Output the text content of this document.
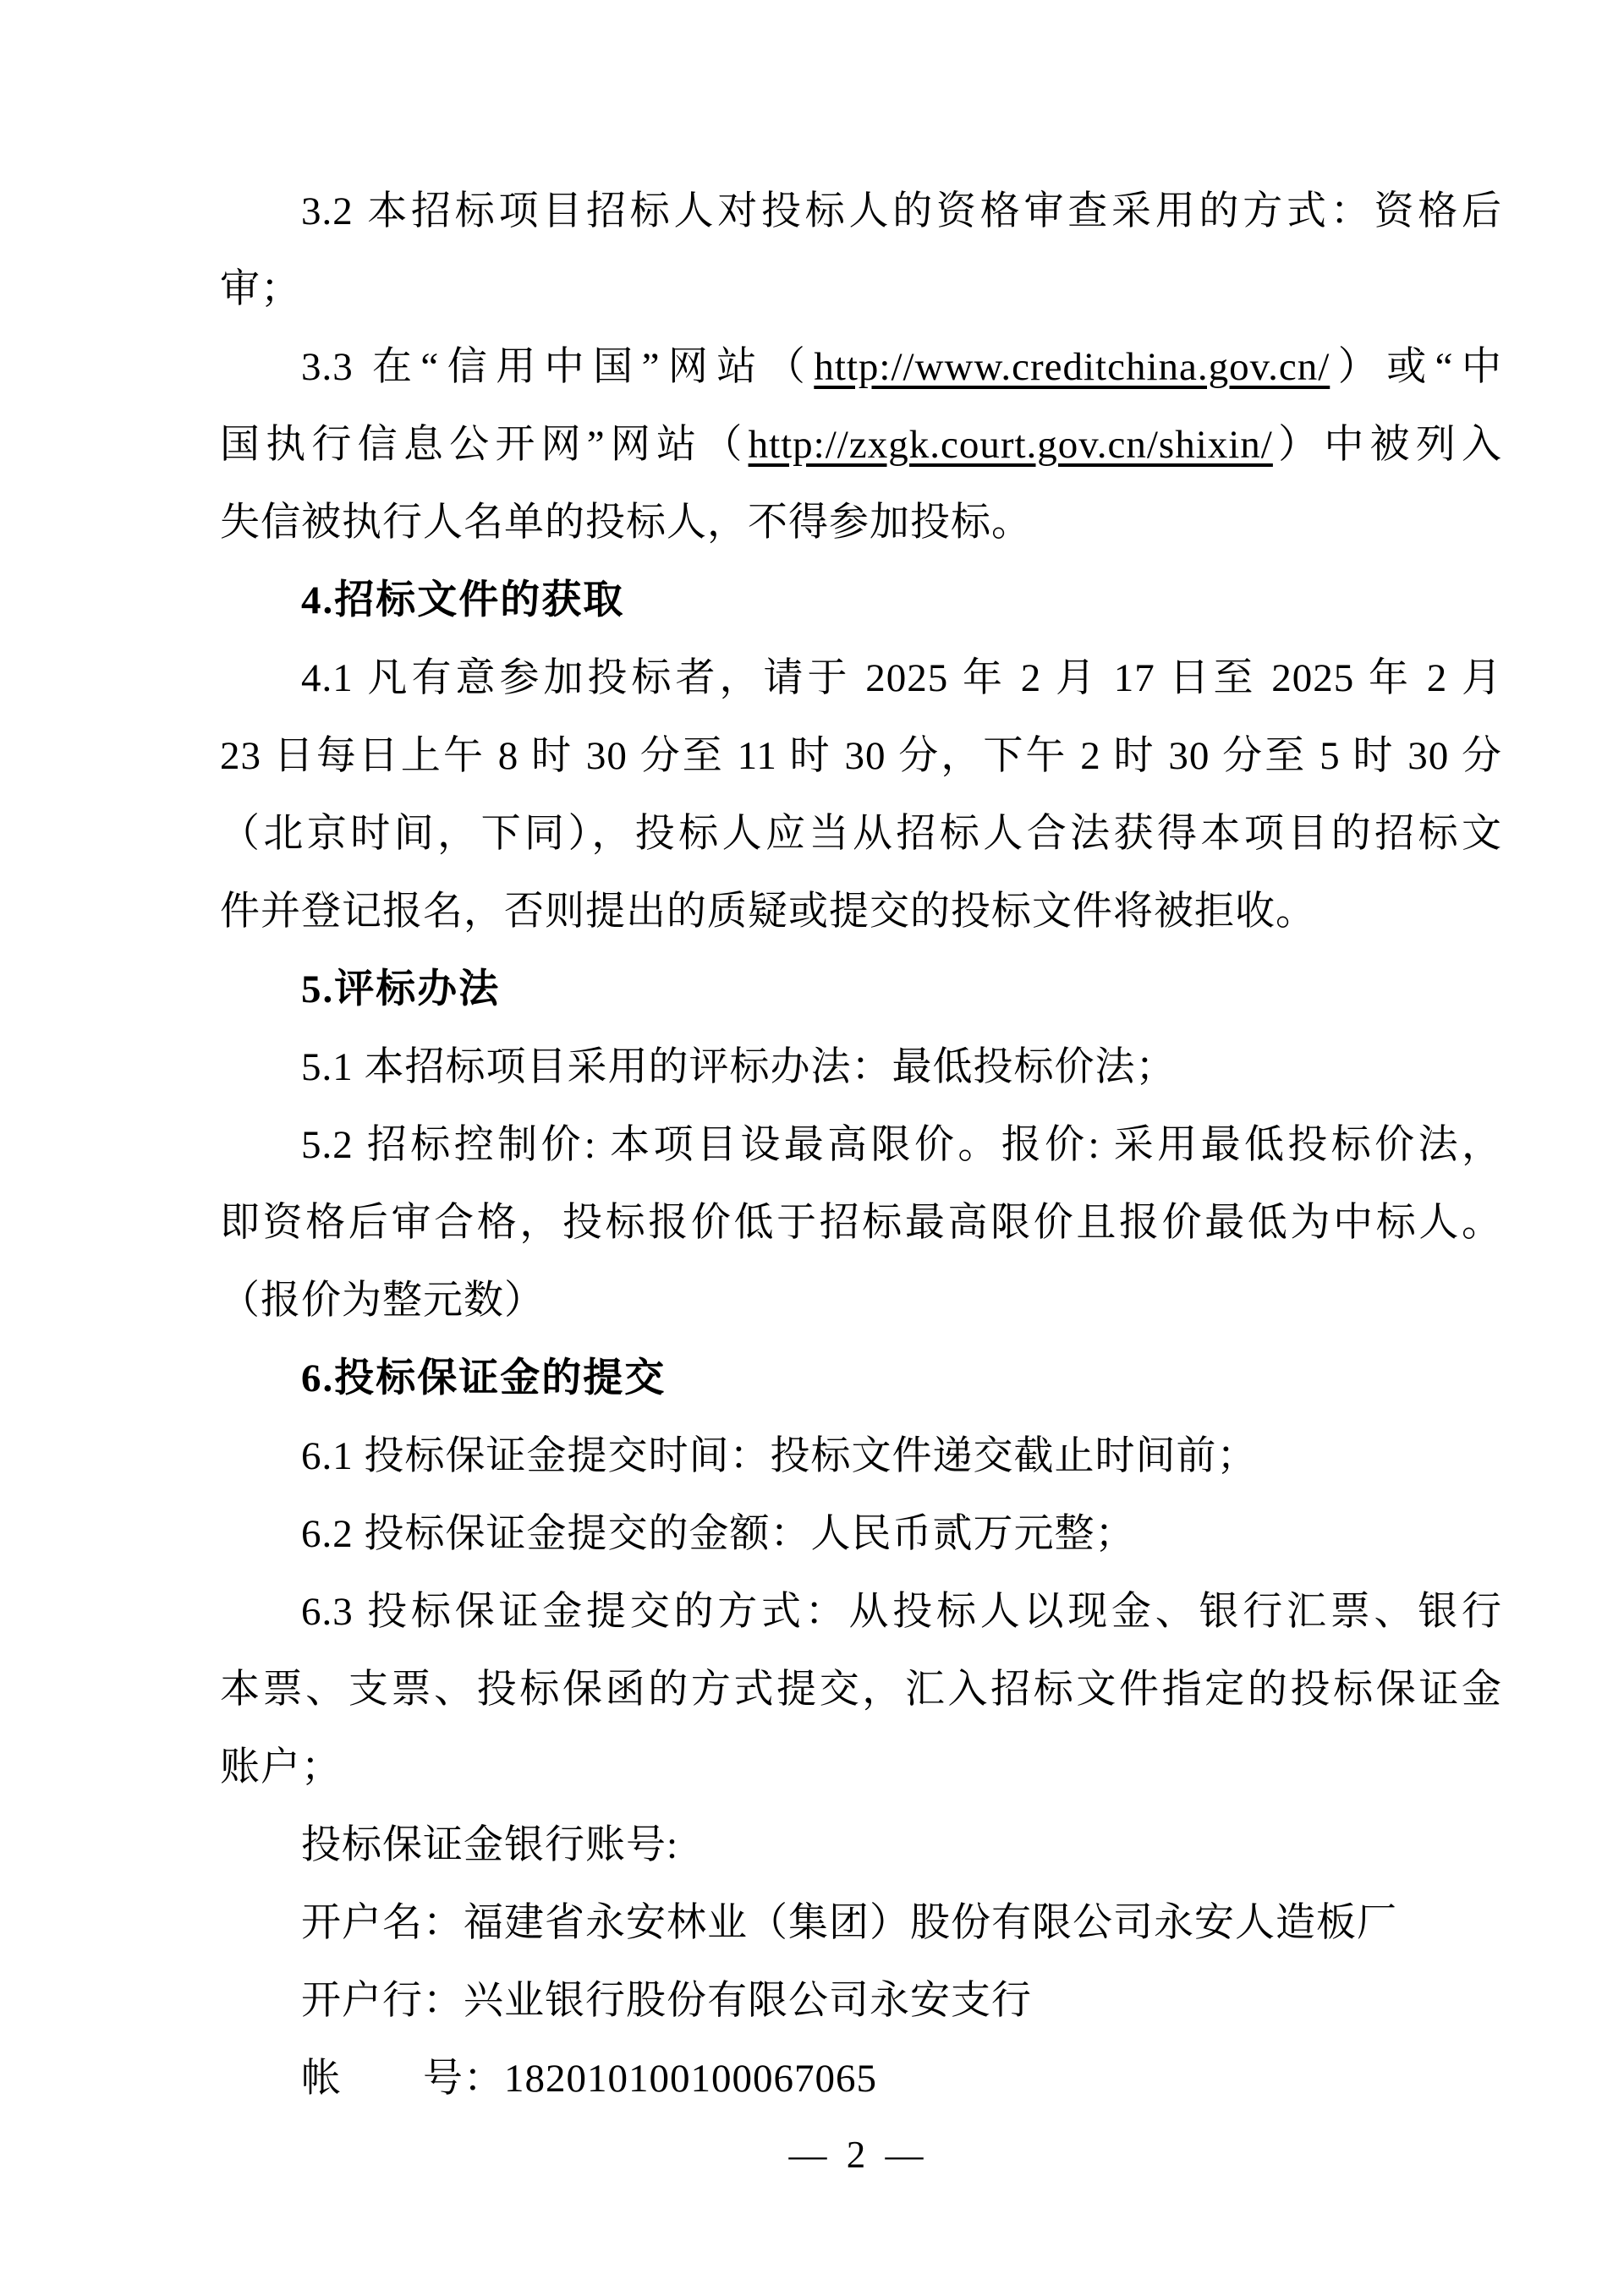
3.2 本招标项目招标人对投标人的资格审查采用的方式：资格后
审；
3.3 在“信用中国”网站（http://www.creditchina.gov.cn/）或“中
国执行信息公开网”网站（http://zxgk.court.gov.cn/shixin/）中被列入
失信被执行人名单的投标人，不得参加投标。
4.招标文件的获取
4.1 凡有意参加投标者，请于 2025 年 2 月 17 日至 2025 年 2 月
23 日每日上午 8 时 30 分至 11 时 30 分，下午 2 时 30 分至 5 时 30 分
（北京时间，下同），投标人应当从招标人合法获得本项目的招标文
件并登记报名，否则提出的质疑或提交的投标文件将被拒收。
5.评标办法
5.1 本招标项目采用的评标办法：最低投标价法；
5.2 招标控制价: 本项目设最高限价。报价: 采用最低投标价法，
即资格后审合格，投标报价低于招标最高限价且报价最低为中标人。
（报价为整元数）
6.投标保证金的提交
6.1 投标保证金提交时间：投标文件递交截止时间前；
6.2 投标保证金提交的金额：人民币贰万元整；
6.3 投标保证金提交的方式：从投标人以现金、银行汇票、银行
本票、支票、投标保函的方式提交，汇入招标文件指定的投标保证金
账户；
投标保证金银行账号:
开户名：福建省永安林业（集团）股份有限公司永安人造板厂
开户行：兴业银行股份有限公司永安支行
帐　　号：182010100100067065
— 2 —
